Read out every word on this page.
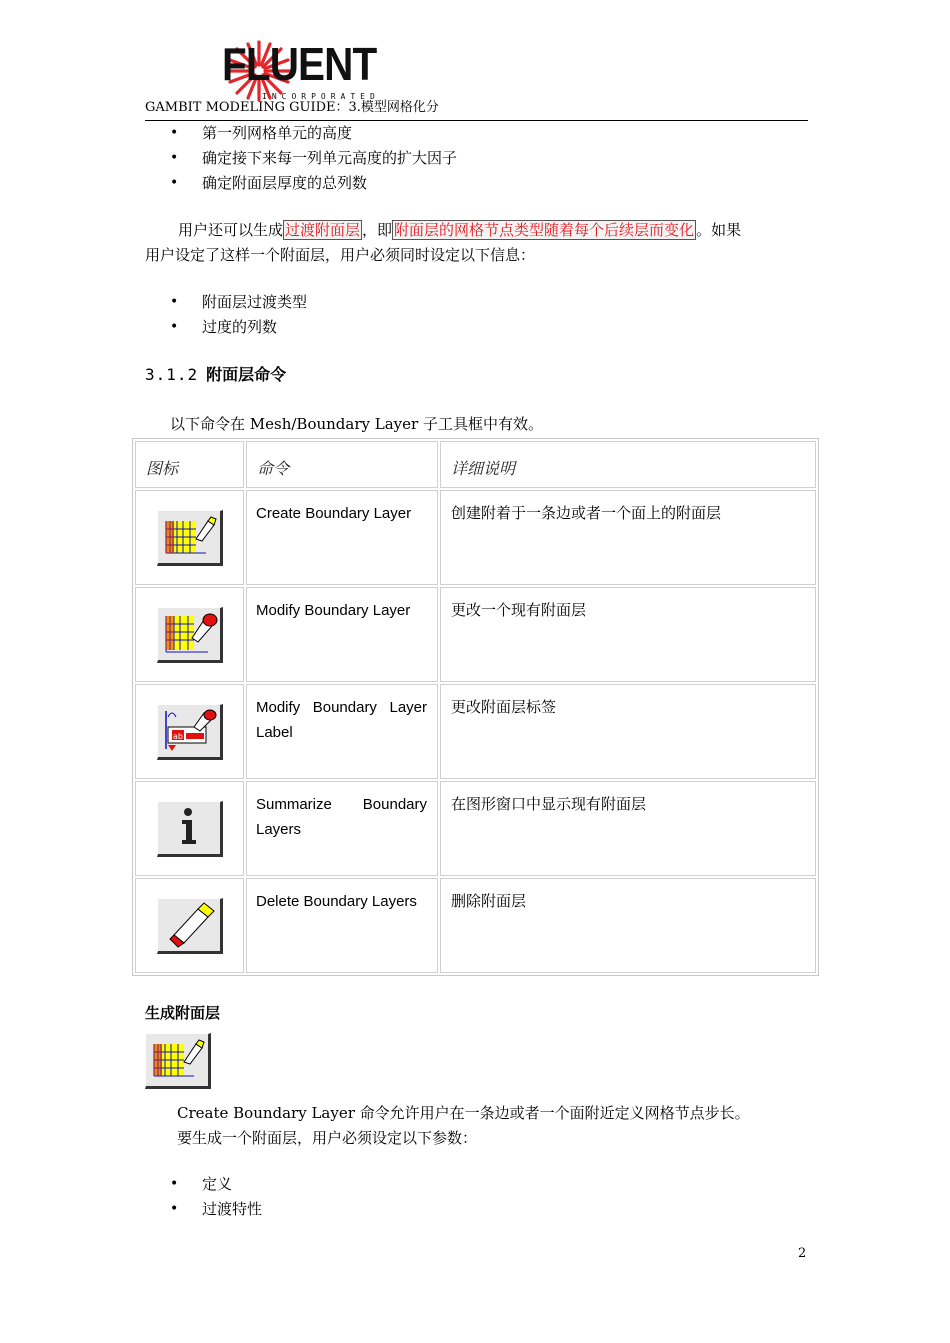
FLUENT
INCORPORATED
GAMBIT MODELING GUIDE：3.模型网格化分
• 第一列网格单元的高度
• 确定接下来每一列单元高度的扩大因子
• 确定附面层厚度的总列数
用户还可以生成 过渡附面层 ，即 附面层的网格节点类型随着每个后续层而变化 。如果
用户设定了这样一个附面层，用户必须同时设定以下信息：
• 附面层过渡类型
• 过度的列数
3.1.2 附面层命令
以下命令在 Mesh/Boundary Layer 子工具框中有效。
图标	命令	详细说明

Create Boundary Layer	创建附着于一条边或者一个面上的附面层

Modify Boundary Layer	更改一个现有附面层

ab	Modify Boundary Layer Label	更改附面层标签

Summarize Boundary Layers	在图形窗口中显示现有附面层

Delete Boundary Layers	删除附面层
生成附面层
Create Boundary Layer 命令允许用户在一条边或者一个面附近定义网格节点步长。
要生成一个附面层，用户必须设定以下参数：
• 定义
• 过渡特性
2
